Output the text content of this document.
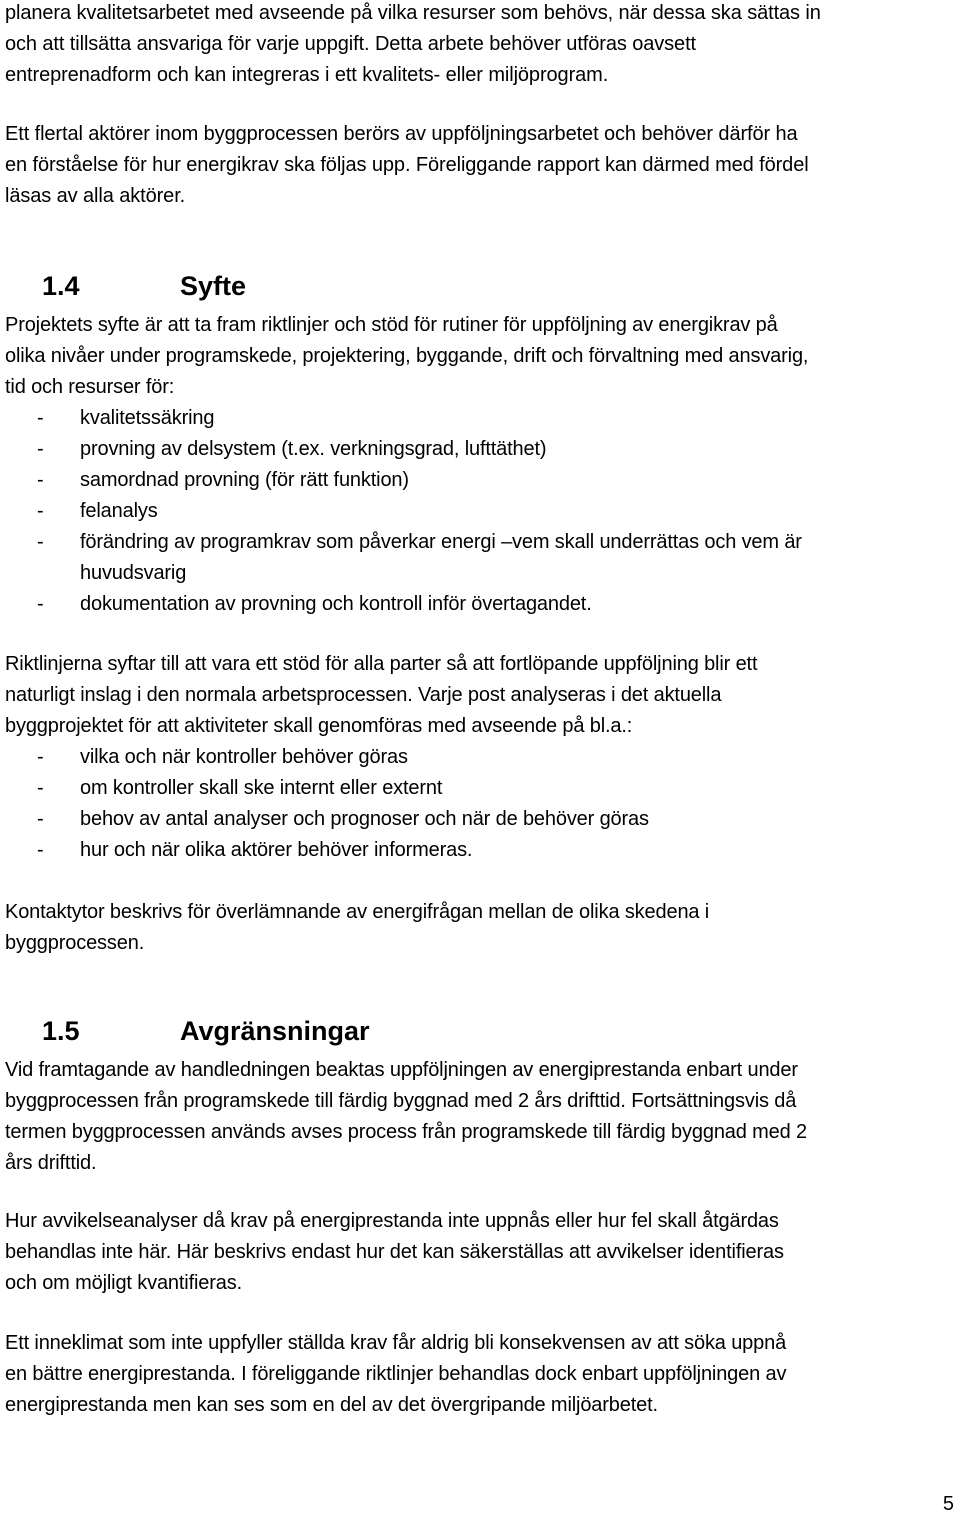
planera kvalitetsarbetet med avseende på vilka resurser som behövs, när dessa ska sättas in
och att tillsätta ansvariga för varje uppgift. Detta arbete behöver utföras oavsett
entreprenadform och kan integreras i ett kvalitets- eller miljöprogram.

Ett flertal aktörer inom byggprocessen berörs av uppföljningsarbetet och behöver därför ha
en förståelse för hur energikrav ska följas upp. Föreliggande rapport kan därmed med fördel
läsas av alla aktörer.

1.4	Syfte

Projektets syfte är att ta fram riktlinjer och stöd för rutiner för uppföljning av energikrav på
olika nivåer under programskede, projektering, byggande, drift och förvaltning med ansvarig,
tid och resurser för:

- kvalitetssäkring
- provning av delsystem (t.ex. verkningsgrad, lufttäthet)
- samordnad provning (för rätt funktion)
- felanalys
- förändring av programkrav som påverkar energi –vem skall underrättas och vem är
huvudsvarig
- dokumentation av provning och kontroll inför övertagandet.

Riktlinjerna syftar till att vara ett stöd för alla parter så att fortlöpande uppföljning blir ett
naturligt inslag i den normala arbetsprocessen. Varje post analyseras i det aktuella
byggprojektet för att aktiviteter skall genomföras med avseende på bl.a.:

- vilka och när kontroller behöver göras
- om kontroller skall ske internt eller externt
- behov av antal analyser och prognoser och när de behöver göras
- hur och när olika aktörer behöver informeras.

Kontaktytor beskrivs för överlämnande av energifrågan mellan de olika skedena i
byggprocessen.

1.5	Avgränsningar

Vid framtagande av handledningen beaktas uppföljningen av energiprestanda enbart under
byggprocessen från programskede till färdig byggnad med 2 års drifttid. Fortsättningsvis då
termen byggprocessen används avses process från programskede till färdig byggnad med 2
års drifttid.

Hur avvikelseanalyser då krav på energiprestanda inte uppnås eller hur fel skall åtgärdas
behandlas inte här. Här beskrivs endast hur det kan säkerställas att avvikelser identifieras
och om möjligt kvantifieras.

Ett inneklimat som inte uppfyller ställda krav får aldrig bli konsekvensen av att söka uppnå
en bättre energiprestanda. I föreliggande riktlinjer behandlas dock enbart uppföljningen av
energiprestanda men kan ses som en del av det övergripande miljöarbetet.

5
